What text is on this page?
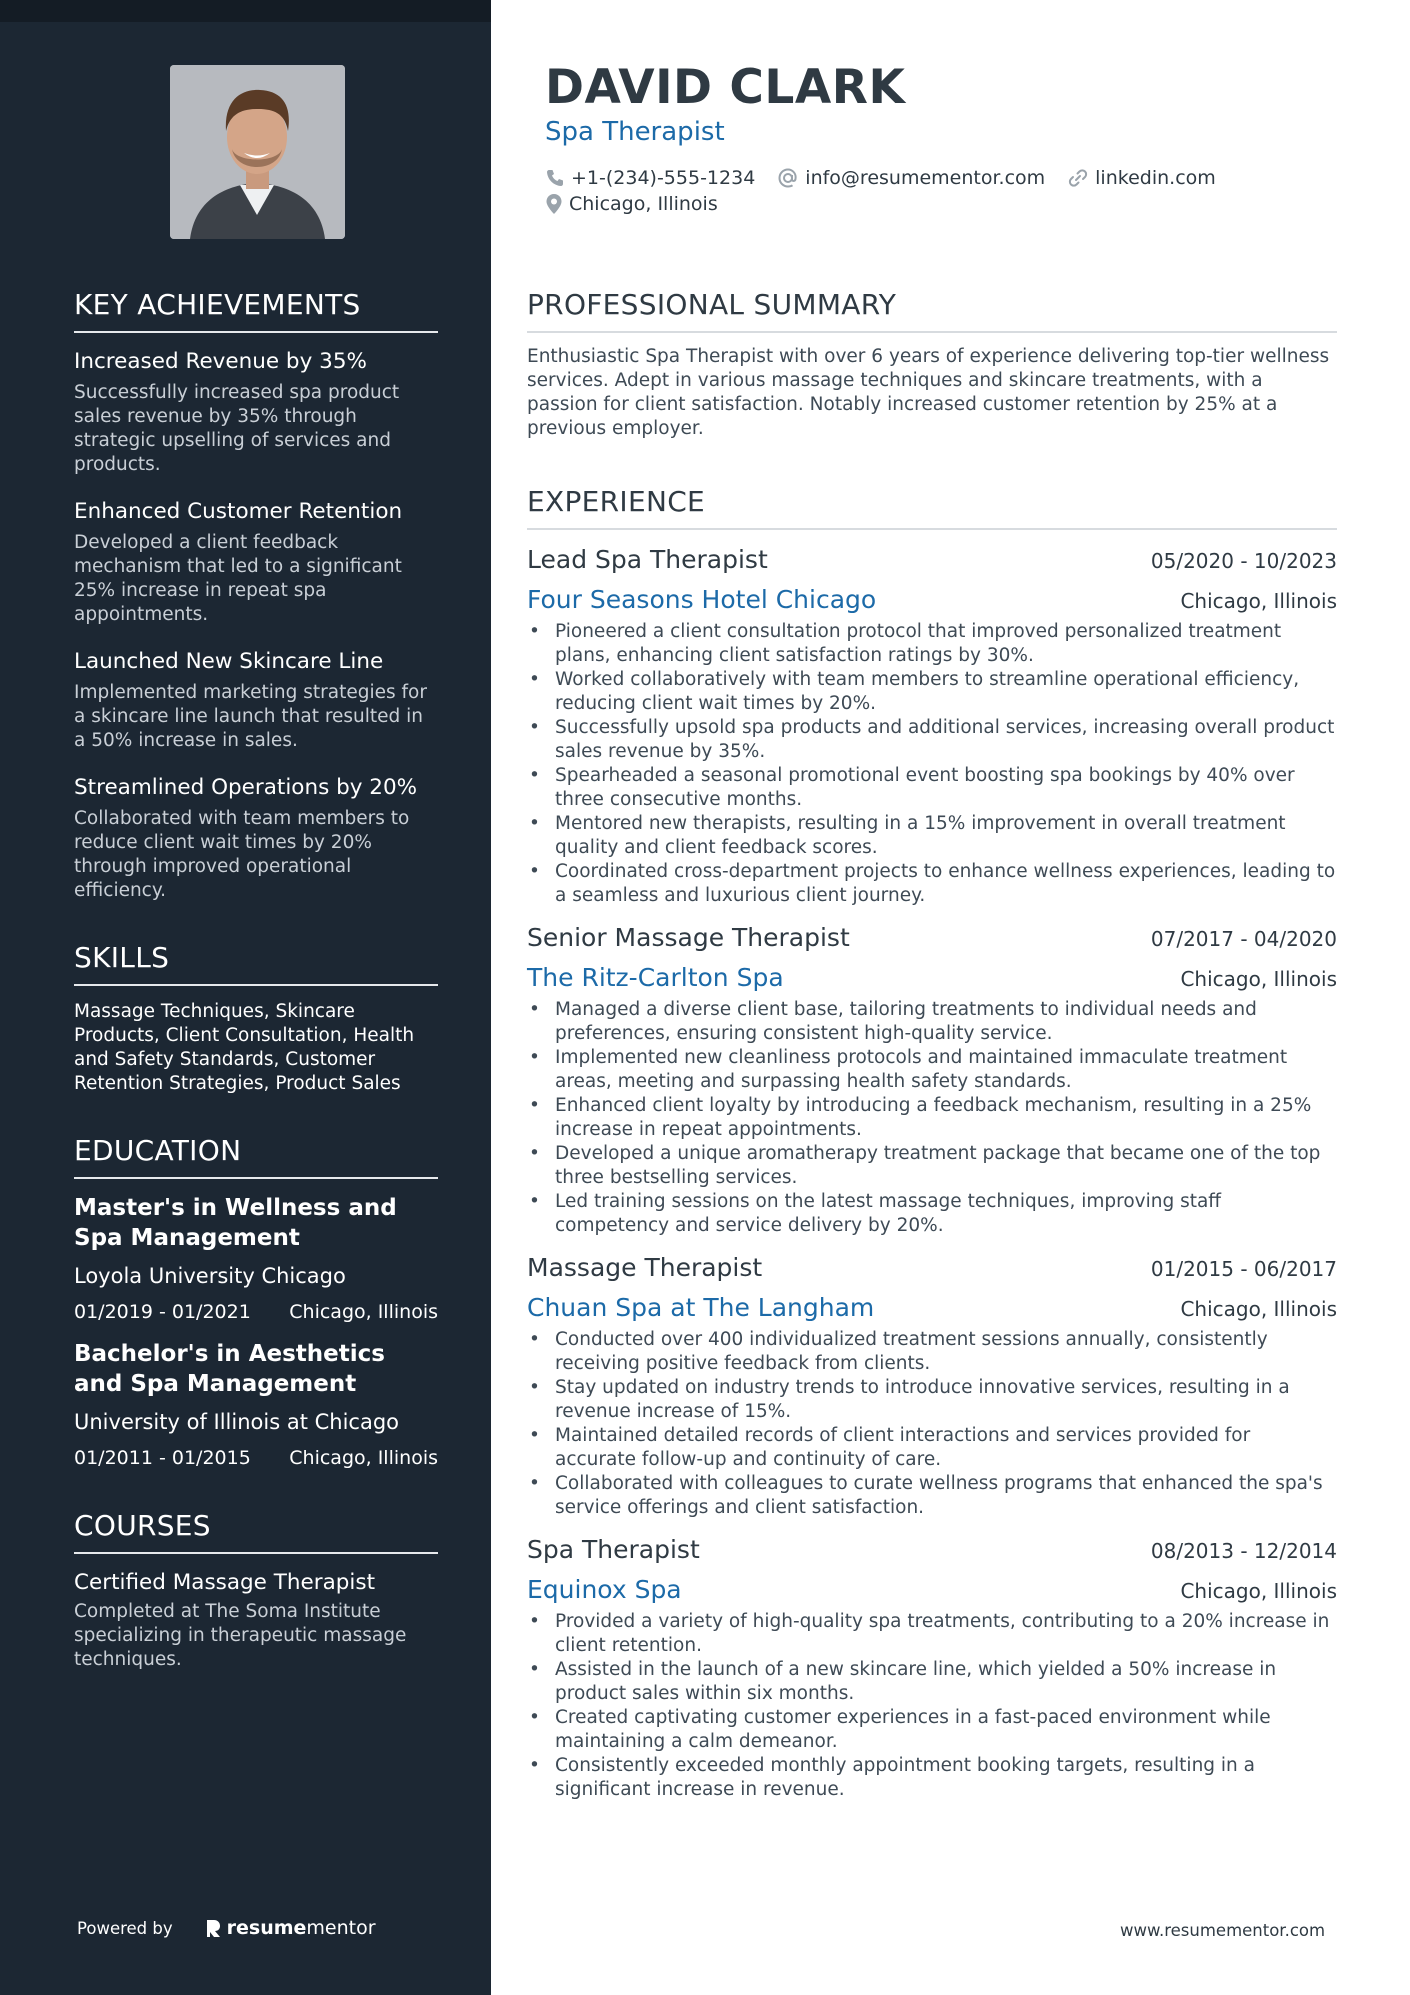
KEY ACHIEVEMENTS
Increased Revenue by 35%
Successfully increased spa product sales revenue by 35% through strategic upselling of services and products.
Enhanced Customer Retention
Developed a client feedback mechanism that led to a significant 25% increase in repeat spa appointments.
Launched New Skincare Line
Implemented marketing strategies for a skincare line launch that resulted in a 50% increase in sales.
Streamlined Operations by 20%
Collaborated with team members to reduce client wait times by 20% through improved operational efficiency.
SKILLS
Massage Techniques, Skincare Products, Client Consultation, Health and Safety Standards, Customer Retention Strategies, Product Sales
EDUCATION
Master's in Wellness and Spa Management
Loyola University Chicago
01/2019 - 01/2021 Chicago, Illinois
Bachelor's in Aesthetics and Spa Management
University of Illinois at Chicago
01/2011 - 01/2015 Chicago, Illinois
COURSES
Certified Massage Therapist
Completed at The Soma Institute specializing in therapeutic massage techniques.
Powered by	resume mentor
DAVID CLARK
Spa Therapist
+1-(234)-555-1234	info@resumementor.com	linkedin.com
Chicago, Illinois
PROFESSIONAL SUMMARY
Enthusiastic Spa Therapist with over 6 years of experience delivering top-tier wellness services. Adept in various massage techniques and skincare treatments, with a passion for client satisfaction. Notably increased customer retention by 25% at a previous employer.
EXPERIENCE
Lead Spa Therapist	05/2020 - 10/2023
Four Seasons Hotel Chicago	Chicago, Illinois
• Pioneered a client consultation protocol that improved personalized treatment plans, enhancing client satisfaction ratings by 30%.
• Worked collaboratively with team members to streamline operational efficiency, reducing client wait times by 20%.
• Successfully upsold spa products and additional services, increasing overall product sales revenue by 35%.
• Spearheaded a seasonal promotional event boosting spa bookings by 40% over three consecutive months.
• Mentored new therapists, resulting in a 15% improvement in overall treatment quality and client feedback scores.
• Coordinated cross-department projects to enhance wellness experiences, leading to a seamless and luxurious client journey.
Senior Massage Therapist	07/2017 - 04/2020
The Ritz-Carlton Spa	Chicago, Illinois
• Managed a diverse client base, tailoring treatments to individual needs and preferences, ensuring consistent high-quality service.
• Implemented new cleanliness protocols and maintained immaculate treatment areas, meeting and surpassing health safety standards.
• Enhanced client loyalty by introducing a feedback mechanism, resulting in a 25% increase in repeat appointments.
• Developed a unique aromatherapy treatment package that became one of the top three bestselling services.
• Led training sessions on the latest massage techniques, improving staff competency and service delivery by 20%.
Massage Therapist	01/2015 - 06/2017
Chuan Spa at The Langham	Chicago, Illinois
• Conducted over 400 individualized treatment sessions annually, consistently receiving positive feedback from clients.
• Stay updated on industry trends to introduce innovative services, resulting in a revenue increase of 15%.
• Maintained detailed records of client interactions and services provided for accurate follow-up and continuity of care.
• Collaborated with colleagues to curate wellness programs that enhanced the spa's service offerings and client satisfaction.
Spa Therapist	08/2013 - 12/2014
Equinox Spa	Chicago, Illinois
• Provided a variety of high-quality spa treatments, contributing to a 20% increase in client retention.
• Assisted in the launch of a new skincare line, which yielded a 50% increase in product sales within six months.
• Created captivating customer experiences in a fast-paced environment while maintaining a calm demeanor.
• Consistently exceeded monthly appointment booking targets, resulting in a significant increase in revenue.
www.resumementor.com
